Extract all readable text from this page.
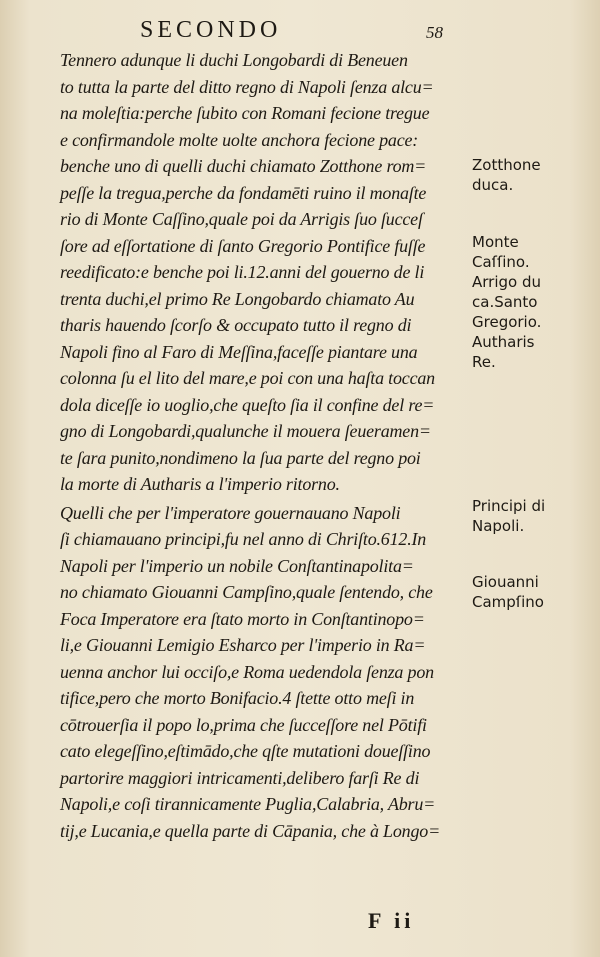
SECONDO	58
Tennero adunque li duchi Longobardi di Beneuen
to tutta la parte del ditto regno di Napoli ſenza alcu=
na moleſtia:perche ſubito con Romani fecione tregue
e confirmandole molte uolte anchora fecione pace:
benche uno di quelli duchi chiamato Zotthone rom=
peſſe la tregua,perche da fondamēti ruino il monaſte
rio di Monte Caſſino,quale poi da Arrigis ſuo ſucceſ
ſore ad eſſortatione di ſanto Gregorio Pontifice fuſſe
reedificato:e benche poi li.12.anni del gouerno de li
trenta duchi,el primo Re Longobardo chiamato Au
tharis hauendo ſcorſo & occupato tutto il regno di
Napoli fino al Faro di Meſſina,faceſſe piantare una
colonna ſu el lito del mare,e poi con una haſta toccan
dola diceſſe io uoglio,che queſto ſia il confine del re=
gno di Longobardi,qualunche il mouera ſeueramen=
te ſara punito,nondimeno la ſua parte del regno poi
la morte di Autharis a l'imperio ritorno.
Quelli che per l'imperatore gouernauano Napoli
ſi chiamauano principi,fu nel anno di Chriſto.612.In
Napoli per l'imperio un nobile Conſtantinapolita=
no chiamato Giouanni Campſino,quale ſentendo, che
Foca Imperatore era ſtato morto in Conſtantinopo=
li,e Giouanni Lemigio Esharco per l'imperio in Ra=
uenna anchor lui occiſo,e Roma uedendola ſenza pon
tifice,pero che morto Bonifacio.4 ſtette otto meſi in
cōtrouerſia il popo lo,prima che ſucceſſore nel Pōtifi
cato elegeſſino,eſtimādo,che qſte mutationi doueſſino
partorire maggiori intricamenti,delibero farſi Re di
Napoli,e coſi tirannicamente Puglia,Calabria, Abru=
tij,e Lucania,e quella parte di Cāpania, che à Longo=
Zotthone
duca.
Monte
Caſſino.
Arrigo du
ca.Santo
Gregorio.
Autharis
Re.
Principi di
Napoli.
Giouanni
Campſino
F ii
